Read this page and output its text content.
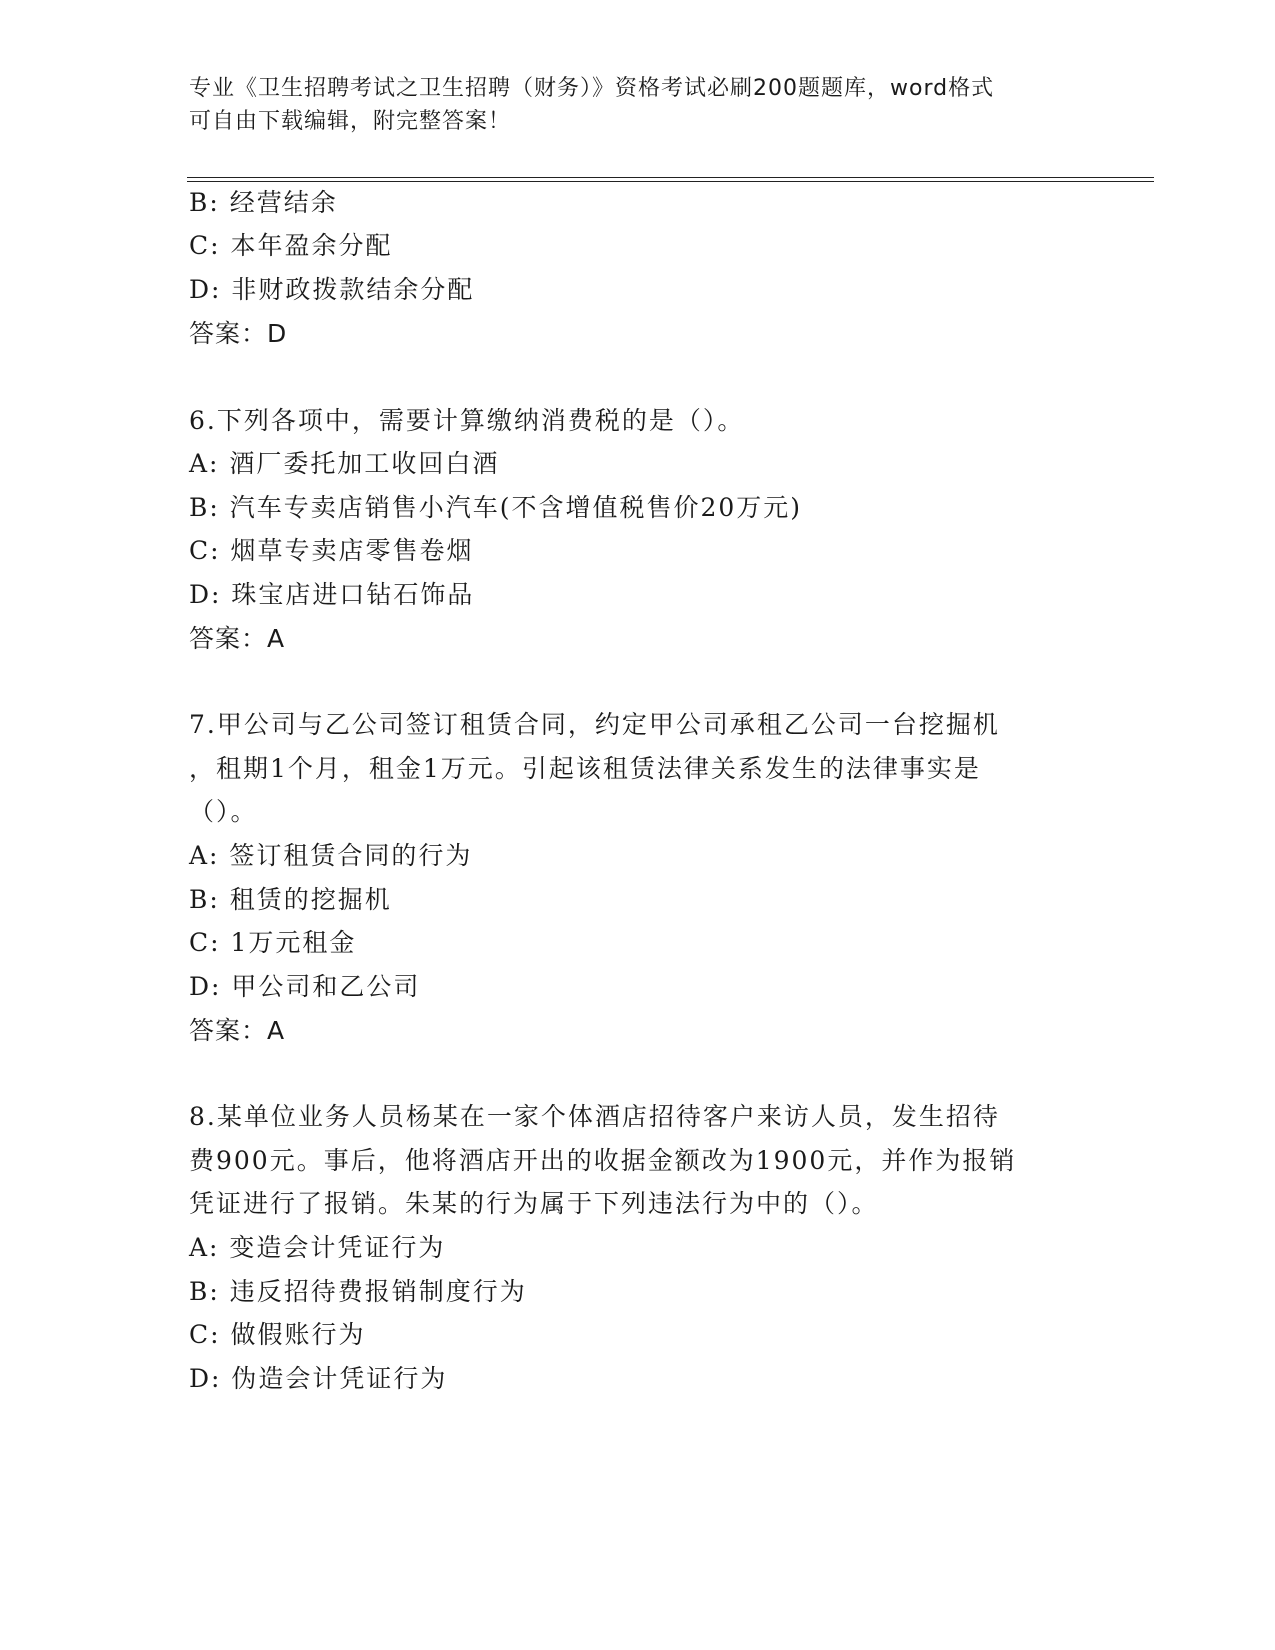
专业《卫生招聘考试之卫生招聘（财务）》资格考试必刷200题题库，word格式
可自由下载编辑，附完整答案！
B: 经营结余
C: 本年盈余分配
D: 非财政拨款结余分配
答案：D
6.下列各项中，需要计算缴纳消费税的是（）。
A: 酒厂委托加工收回白酒
B: 汽车专卖店销售小汽车(不含增值税售价20万元)
C: 烟草专卖店零售卷烟
D: 珠宝店进口钻石饰品
答案：A
7.甲公司与乙公司签订租赁合同，约定甲公司承租乙公司一台挖掘机
，租期1个月，租金1万元。引起该租赁法律关系发生的法律事实是
（）。
A: 签订租赁合同的行为
B: 租赁的挖掘机
C: 1万元租金
D: 甲公司和乙公司
答案：A
8.某单位业务人员杨某在一家个体酒店招待客户来访人员，发生招待
费900元。事后，他将酒店开出的收据金额改为1900元，并作为报销
凭证进行了报销。朱某的行为属于下列违法行为中的（）。
A: 变造会计凭证行为
B: 违反招待费报销制度行为
C: 做假账行为
D: 伪造会计凭证行为
